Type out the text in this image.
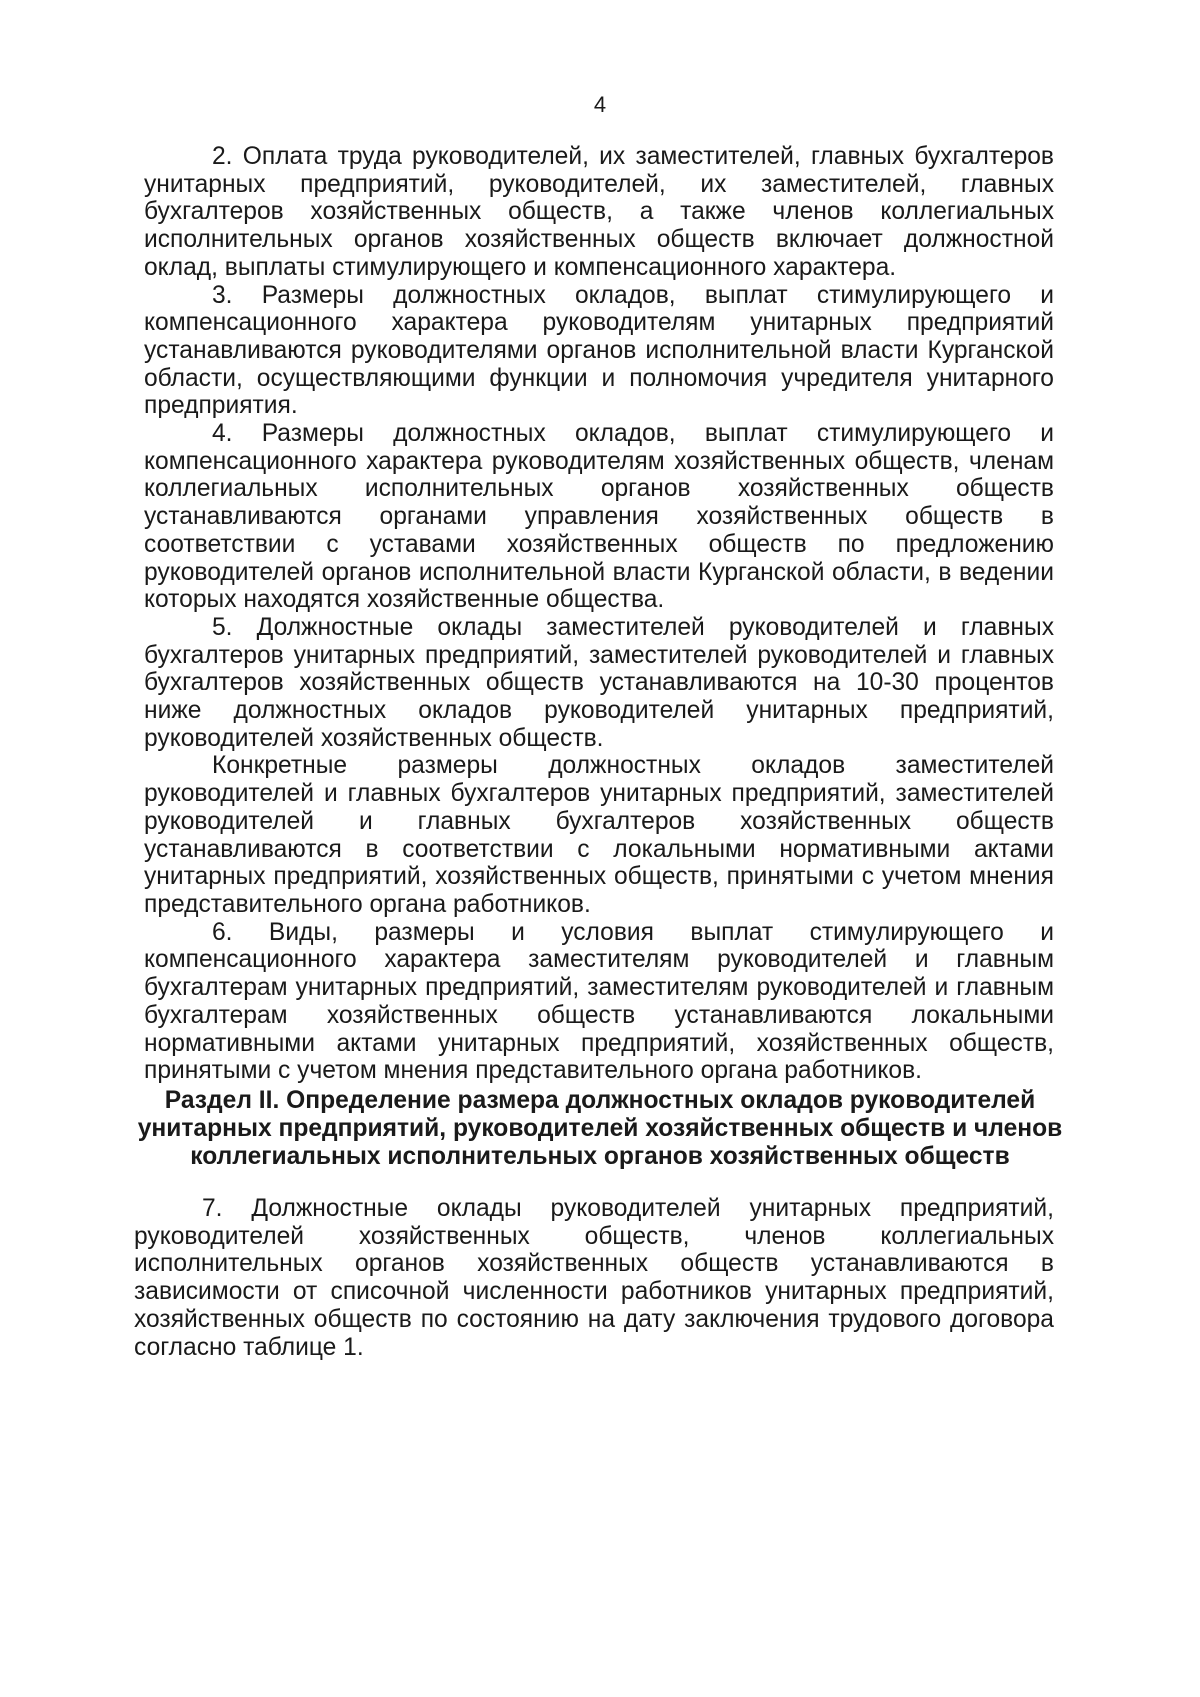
4

2. Оплата труда руководителей, их заместителей, главных бухгалтеров унитарных предприятий, руководителей, их заместителей, главных бухгалтеров хозяйственных обществ, а также членов коллегиальных исполнительных органов хозяйственных обществ включает должностной оклад, выплаты стимулирующего и компенсационного характера.

3. Размеры должностных окладов, выплат стимулирующего и компенсационного характера руководителям унитарных предприятий устанавливаются руководителями органов исполнительной власти Курганской области, осуществляющими функции и полномочия учредителя унитарного предприятия.

4. Размеры должностных окладов, выплат стимулирующего и компенсационного характера руководителям хозяйственных обществ, членам коллегиальных исполнительных органов хозяйственных обществ устанавливаются органами управления хозяйственных обществ в соответствии с уставами хозяйственных обществ по предложению руководителей органов исполнительной власти Курганской области, в ведении которых находятся хозяйственные общества.

5. Должностные оклады заместителей руководителей и главных бухгалтеров унитарных предприятий, заместителей руководителей и главных бухгалтеров хозяйственных обществ устанавливаются на 10-30 процентов ниже должностных окладов руководителей унитарных предприятий, руководителей хозяйственных обществ.

Конкретные размеры должностных окладов заместителей руководителей и главных бухгалтеров унитарных предприятий, заместителей руководителей и главных бухгалтеров хозяйственных обществ устанавливаются в соответствии с локальными нормативными актами унитарных предприятий, хозяйственных обществ, принятыми с учетом мнения представительного органа работников.

6. Виды, размеры и условия выплат стимулирующего и компенсационного характера заместителям руководителей и главным бухгалтерам унитарных предприятий, заместителям руководителей и главным бухгалтерам хозяйственных обществ устанавливаются локальными нормативными актами унитарных предприятий, хозяйственных обществ, принятыми с учетом мнения представительного органа работников.

Раздел II. Определение размера должностных окладов руководителей унитарных предприятий, руководителей хозяйственных обществ и членов коллегиальных исполнительных органов хозяйственных обществ

7. Должностные оклады руководителей унитарных предприятий, руководителей хозяйственных обществ, членов коллегиальных исполнительных органов хозяйственных обществ устанавливаются в зависимости от списочной численности работников унитарных предприятий, хозяйственных обществ по состоянию на дату заключения трудового договора согласно таблице 1.
